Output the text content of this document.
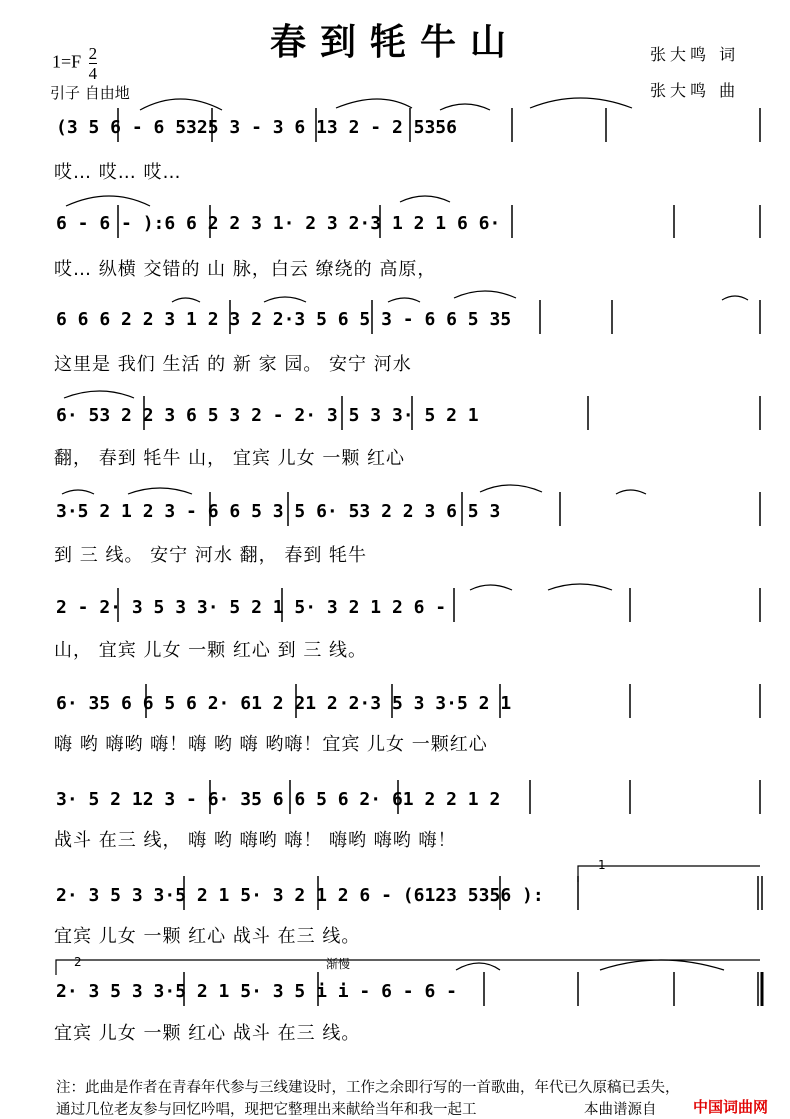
春到牦牛山
$1=F \frac{2}{4}$
引子 自由地
张大鸣 词
张大鸣 曲
(3 5 6 - 6 5325 3 - 3 6 13 2 - 2 5356
哎… 哎… 哎…
6 - 6 - ):6 6 2 2 3 1· 2 3 2·3 1 2 1 6 6·
哎… 纵横 交错的 山 脉，白云 缭绕的 高原，
6 6 6 2 2 3 1 2 3 2 2·3 5 6 5 3 - 6 6 5 35
这里是 我们 生活 的 新 家 园。 安宁 河水
6· 53 2 2 3 6 5 3 2 - 2· 3 5 3 3· 5 2 1
翻， 春到 牦牛 山， 宜宾 儿女 一颗 红心
3·5 2 1 2 3 - 6 6 5 3 5 6· 53 2 2 3 6 5 3
到 三 线。 安宁 河水 翻， 春到 牦牛
2 - 2· 3 5 3 3· 5 2 1 5· 3 2 1 2 6 -
山， 宜宾 儿女 一颗 红心 到 三 线。
6· 35 6 6 5 6 2· 61 2 21 2 2·3 5 3 3·5 2 1
嗨 哟 嗨哟 嗨！嗨 哟 嗨 哟嗨！宜宾 儿女 一颗红心
3· 5 2 12 3 - 6· 35 6 6 5 6 2· 61 2 2 1 2
战斗 在三 线， 嗨 哟 嗨哟 嗨！ 嗨哟 嗨哟 嗨！
2· 3 5 3 3·5 2 1 5· 3 2 1 2 6 - (6123 5356 ):
宜宾 儿女 一颗 红心 战斗 在三 线。
2· 3 5 3 3·5 2 1 5· 3 5 i i - 6 - 6 -
宜宾 儿女 一颗 红心 战斗 在三 线。
1
2	渐慢
注：此曲是作者在青春年代参与三线建设时，工作之余即行写的一首歌曲，年代已久原稿已丢失，
通过几位老友参与回忆吟唱，现把它整理出来献给当年和我一起工	本曲谱源自 中国词曲网
